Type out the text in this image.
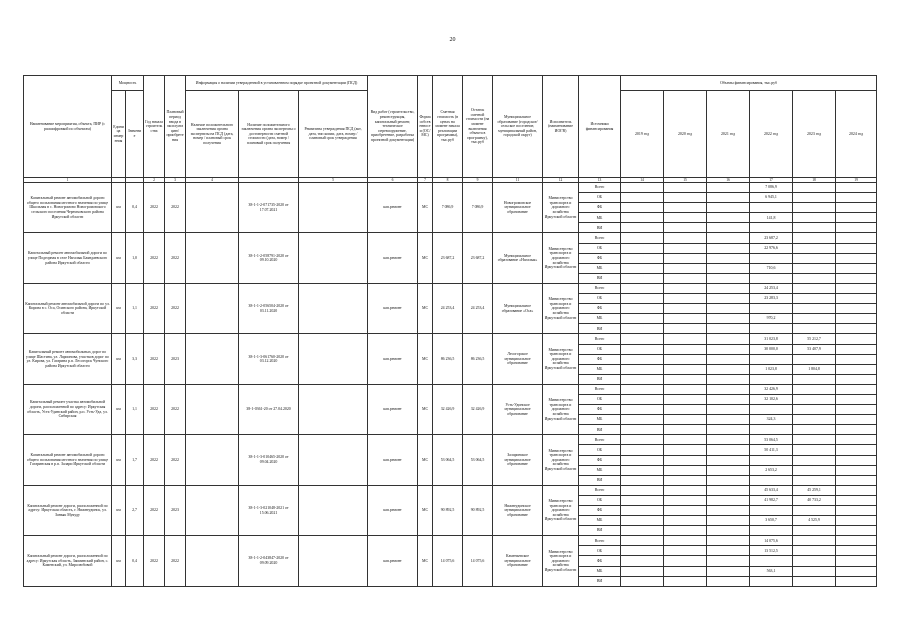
20
Наименование мероприятия, объекта, ПИР (с расшифровкой по объектам)	Мощность		Год начала строительства	Плановый период ввода в эксплуатацию/приобретения	Информация о наличии утвержденной в установленном порядке проектной документации (ПСД)			Вид работ (строительство, реконструкция, капитальный ремонт, техническое перевооружение, приобретение, разработка проектной документации)	Форма собственности (ОС/МС)	Сметная стоимость (в ценах на момент начала реализации программы), тыс.руб	Остаток сметной стоимости (на момент включения объекта в программу), тыс.руб	Муниципальное образование (городское/сельское поселение, муниципальный район, городской округ)	Исполнитель (наименование ИОГВ)	Источники финансирования	Объемы финансирования, тыс.руб					
	Единица измерения	Значение			Наличие положительного заключения органа экспертизы на ПСД (дата, номер / плановый срок получения	Наличие положительного заключения органа экспертизы о достоверности сметной стоимости (дата, номер / плановый срок получения	Реквизиты утверждения ПСД (акт, дата, тип копии, дата, номер / плановый срок утверждения								2019 год	2020 год	2021 год	2022 год	2023 год	2024 год
1			2	3	4		5	6	7	8	9	11	12	13	14	15	16	17	18	19
Капитальный ремонт автомобильной дороги общего пользования местного значения по улице Школьная в с. Новогромово Новогромовского сельского поселения Черемховского района Иркутской области	км	0,4	2022	2022		38-1-1-2-071735-2020 от 17.07.2021		кап.ремонт	МС	7 086,9	7 086,9	Новогромовское муниципальное образование	Министерство транспорта и дорожного хозяйства Иркутской области	Всего				7 086,9		
														ОБ				6 945,1		
														ФБ						
														МБ				141,8		
														ВИ						
Капитальный ремонт автомобильной дороги по улице Подгорная в селе Нагалык Баяндаевского района Иркутской области	км	1,0	2022	2022		38-1-1-2-058791-2020 от 09.10.2020		кап.ремонт	МС	23 687,2	23 687,2	Муниципальное образование «Нагалык»	Министерство транспорта и дорожного хозяйства Иркутской области	Всего				23 687,2		
														ОБ				22 976,6		
														ФБ						
														МБ				710,6		
														ВИ						
Капитальный ремонт автомобильной дороги по ул. Кирова в с. Оса, Осинского района, Иркутской области	км	1,1	2022	2022		38-1-1-2-056504-2020 от 03.11.2020		кап.ремонт	МС	24 253,4	24 253,4	Муниципальное образование «Оса»	Министерство транспорта и дорожного хозяйства Иркутской области	Всего				24 253,4		
														ОБ				23 283,3		
														ФБ						
														МБ				970,2		
														ВИ						
Капитальный ремонт автомобильных дорог по улице Шастина, ул. Ларионова, участков дорог по ул. Кирова, ул. Гагарина р.п. Лесогорск Чунского района Иркутской области	км	3,3	2022	2023		38-1-1-3-061760-2020 от 03.12.2020		кап.ремонт	МС	86 236,5	86 236,5	Лесогорское муниципальное образование	Министерство транспорта и дорожного хозяйства Иркутской области	Всего				31 023,8	55 212,7	
														ОБ				30 000,0	53 407,9	
														ФБ						
														МБ				1 023,8	1 804,8	
														ВИ						
Капитальный ремонт участка автомобильной дороги, расположенной по адресу: Иркутская область, Усть-Удинский район, р.п. Усть-Уда, ул. Сибирская	км	1,1	2022	2022		38-1-0361-20 от 27.04.2020		кап.ремонт	МС	32 426,9	32 426,9	Усть-Удинское муниципальное образование	Министерство транспорта и дорожного хозяйства Иркутской области	Всего				32 426,9		
														ОБ				32 102,6		
														ФБ						
														МБ				324,3		
														ВИ						
Капитальный ремонт автомобильной дороги общего пользования местного значения по улице Гагаринская в р.п. Залари Иркутской области	км	1,7	2022	2022		38-1-1-3-010465-2020 от 09.04.2020		кап.ремонт	МС	53 064,5	53 064,5	Заларинское муниципальное образование	Министерство транспорта и дорожного хозяйства Иркутской области	Всего				53 064,5		
														ОБ				50 411,3		
														ФБ						
														МБ				2 653,2		
														ВИ						
Капитальный ремонт дороги, расположенной по адресу: Иркутская область, г. Нижнеудинск, ул. Заньяк Мукуду	км	2,7	2022	2023		38-1-1-3-021048-2021 от 15.06.2021		кап.ремонт	МС	90 892,5	90 892,5	Нижнеудинское муниципальное образование	Министерство транспорта и дорожного хозяйства Иркутской области	Всего				45 633,4	45 259,1	
														ОБ				41 982,7	40 733,2	
														ФБ						
														МБ				3 650,7	4 525,9	
														ВИ						
Капитальный ремонт дороги, расположенной по адресу: Иркутская область, Заиминский район, с. Каменский, ул. Миролюбовой	км	0,4	2022	2022		38-1-1-2-043847-2020 от 09.09.2020		кап.ремонт	МС	14 075,6	14 075,6	Каменьевское муниципальное образование	Министерство транспорта и дорожного хозяйства Иркутской области	Всего				14 075,6		
														ОБ				13 512,5		
														ФБ						
														МБ				563,1		
														ВИ						
